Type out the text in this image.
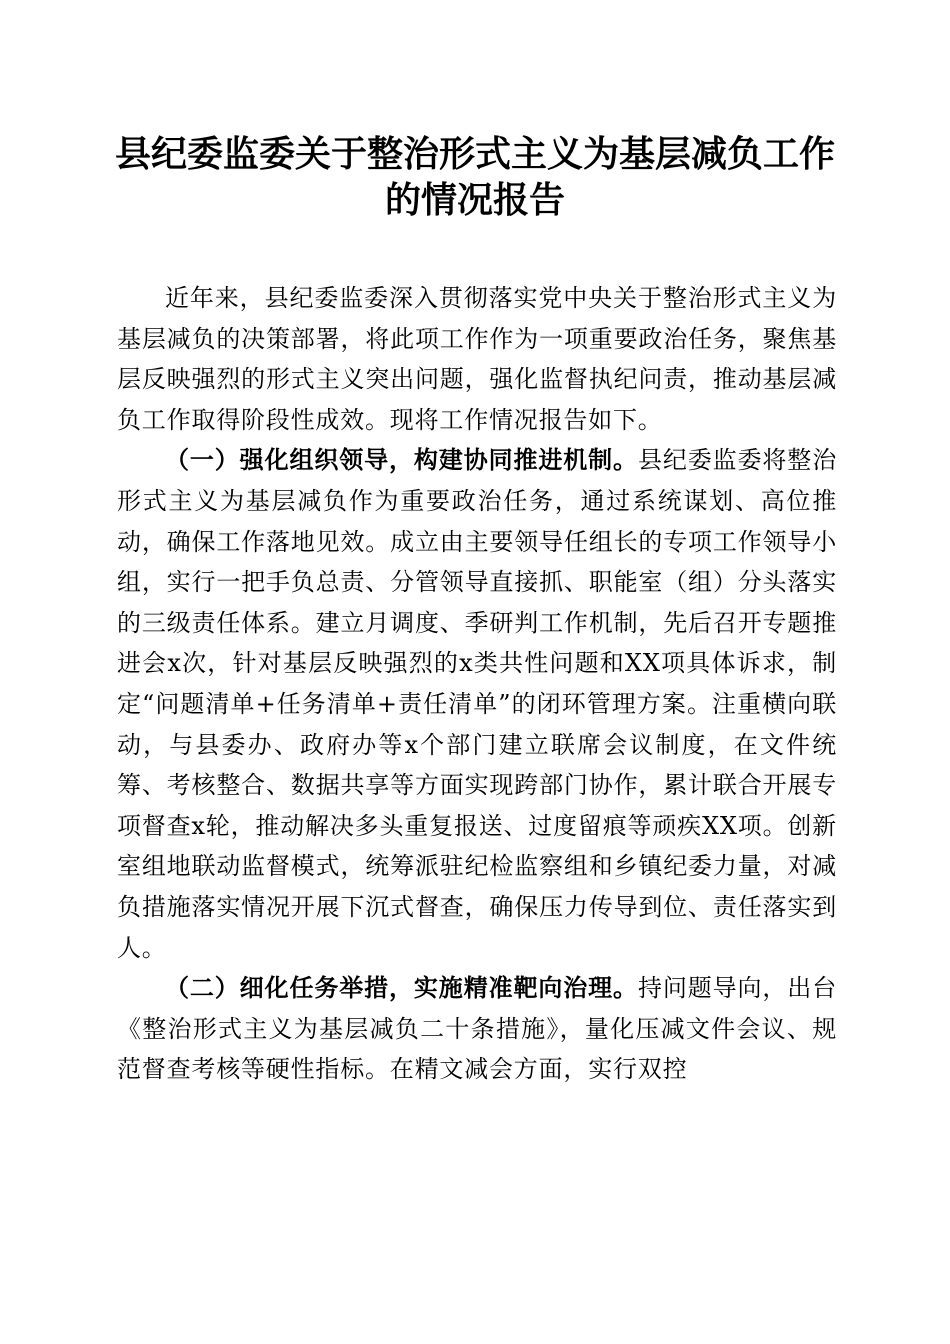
县纪委监委关于整治形式主义为基层减负工作
的情况报告

近年来，县纪委监委深入贯彻落实党中央关于整治形式主义为基层减负的决策部署，将此项工作作为一项重要政治任务，聚焦基层反映强烈的形式主义突出问题，强化监督执纪问责，推动基层减负工作取得阶段性成效。现将工作情况报告如下。

（一）强化组织领导，构建协同推进机制。县纪委监委将整治形式主义为基层减负作为重要政治任务，通过系统谋划、高位推动，确保工作落地见效。成立由主要领导任组长的专项工作领导小组，实行一把手负总责、分管领导直接抓、职能室（组）分头落实的三级责任体系。建立月调度、季研判工作机制，先后召开专题推进会x次，针对基层反映强烈的x类共性问题和XX项具体诉求，制定“问题清单+任务清单+责任清单”的闭环管理方案。注重横向联动，与县委办、政府办等x个部门建立联席会议制度，在文件统筹、考核整合、数据共享等方面实现跨部门协作，累计联合开展专项督查x轮，推动解决多头重复报送、过度留痕等顽疾XX项。创新室组地联动监督模式，统筹派驻纪检监察组和乡镇纪委力量，对减负措施落实情况开展下沉式督查，确保压力传导到位、责任落实到人。

（二）细化任务举措，实施精准靶向治理。持问题导向，出台《整治形式主义为基层减负二十条措施》，量化压减文件会议、规范督查考核等硬性指标。在精文减会方面，实行双控
